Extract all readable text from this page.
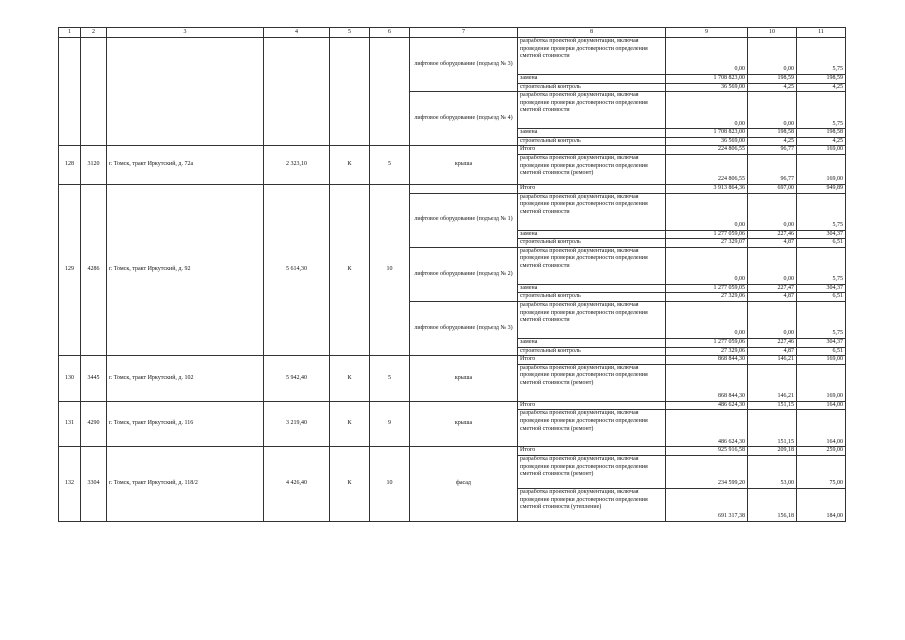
1	2	3	4	5	6	7	8	9	10	11
						лифтовое оборудование (подъезд № 3)	разработка проектной документации, включая проведение проверки достоверности определения сметной стоимости	0,00	0,00	5,75
							замена	1 708 823,00	198,59	198,59
							строительный контроль	36 569,00	4,25	4,25
						лифтовое оборудование (подъезд № 4)	разработка проектной документации, включая проведение проверки достоверности определения сметной стоимости	0,00	0,00	5,75
							замена	1 708 823,00	198,58	198,58
							строительный контроль	36 569,00	4,25	4,25
128	3120	г. Томск, тракт Иркутский, д. 72а	2 323,10	К	5	крыша	Итого	224 806,55	96,77	169,00
							разработка проектной документации, включая проведение проверки достоверности определения сметной стоимости (ремонт)	224 806,55	96,77	169,00
129	4286	г. Томск, тракт Иркутский, д. 92	5 614,30	К	10		Итого	3 913 864,36	697,00	949,89
						лифтовое оборудование (подъезд № 1)	разработка проектной документации, включая проведение проверки достоверности определения сметной стоимости	0,00	0,00	5,75
							замена	1 277 059,06	227,46	304,37
							строительный контроль	27 329,07	4,87	6,51
						лифтовое оборудование (подъезд № 2)	разработка проектной документации, включая проведение проверки достоверности определения сметной стоимости	0,00	0,00	5,75
							замена	1 277 059,05	227,47	304,37
							строительный контроль	27 329,06	4,87	6,51
						лифтовое оборудование (подъезд № 3)	разработка проектной документации, включая проведение проверки достоверности определения сметной стоимости	0,00	0,00	5,75
							замена	1 277 059,06	227,46	304,37
							строительный контроль	27 329,06	4,87	6,51
130	3445	г. Томск, тракт Иркутский, д. 102	5 942,40	К	5	крыша	Итого	868 844,30	146,21	169,00
							разработка проектной документации, включая проведение проверки достоверности определения сметной стоимости (ремонт)	868 844,30	146,21	169,00
131	4290	г. Томск, тракт Иркутский, д. 116	3 219,40	К	9	крыша	Итого	486 624,30	151,15	164,00
							разработка проектной документации, включая проведение проверки достоверности определения сметной стоимости (ремонт)	486 624,30	151,15	164,00
132	3304	г. Томск, тракт Иркутский, д. 118/2	4 426,40	К	10	фасад	Итого	925 916,58	209,18	259,00
							разработка проектной документации, включая проведение проверки достоверности определения сметной стоимости (ремонт)	234 599,20	53,00	75,00
							разработка проектной документации, включая проведение проверки достоверности определения сметной стоимости (утепление)	691 317,38	156,18	184,00
